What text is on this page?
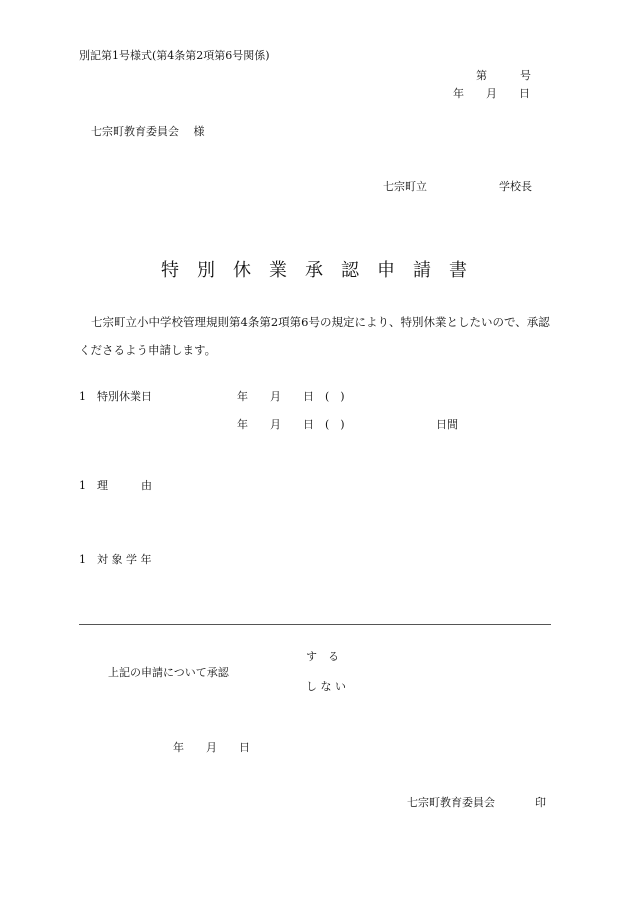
別記第1号様式(第4条第2項第6号関係)
第　　　号
年　　月　　日
七宗町教育委員会　 様
七宗町立	学校長
特　別　休　業　承　認　申　請　書
七宗町立小中学校管理規則第4条第2項第6号の規定により、特別休業としたいので、承認
くださるよう申請します。
1　特別休業日	年　　月　　日　(　)
年　　月　　日　(　)	日間
1　理　　　由
1　対 象 学 年
上記の申請について承認
す　る
し な い
年　　月　　日
七宗町教育委員会	印
